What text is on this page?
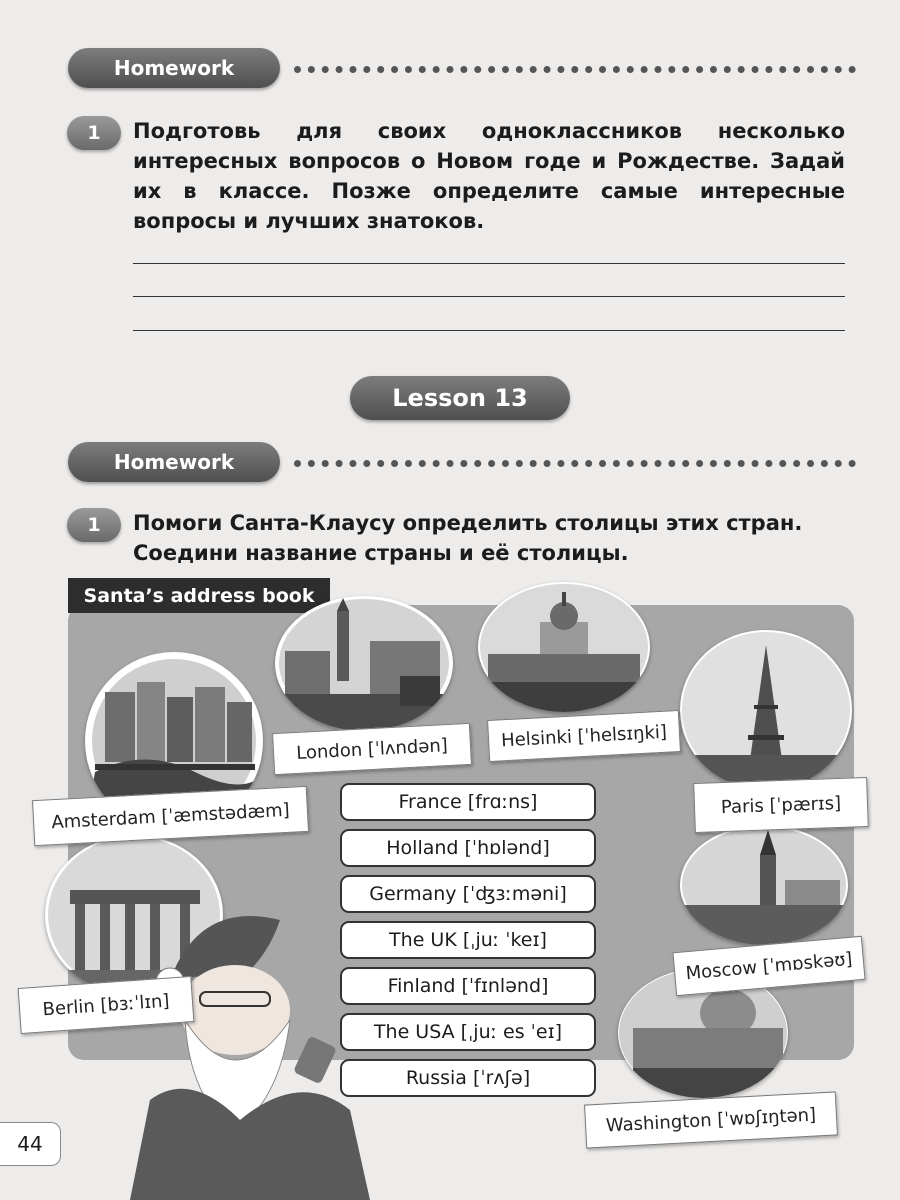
Homework
1	Подготовь для своих одноклассников несколько интересных вопросов о Новом годе и Рождестве. Задай их в классе. Позже определите самые интересные вопросы и лучших знатоков.
Lesson 13
Homework
1	Помоги Санта-Клаусу определить столицы этих стран. Соедини название страны и её столицы.
Santa’s address book
London [ˈlʌndən]	Helsinki [ˈhelsɪŋki]
Amsterdam [ˈæmstədæm]	Paris [ˈpærɪs]
Moscow [ˈmɒskəʊ]
Berlin [bɜːˈlɪn]
Washington [ˈwɒʃɪŋtən]
France [frɑːns]
Holland [ˈhɒlənd]
Germany [ˈʤɜːməni]
The UK [ˌjuː ˈkeɪ]
Finland [ˈfɪnlənd]
The USA [ˌjuː es ˈeɪ]
Russia [ˈrʌʃə]
44
